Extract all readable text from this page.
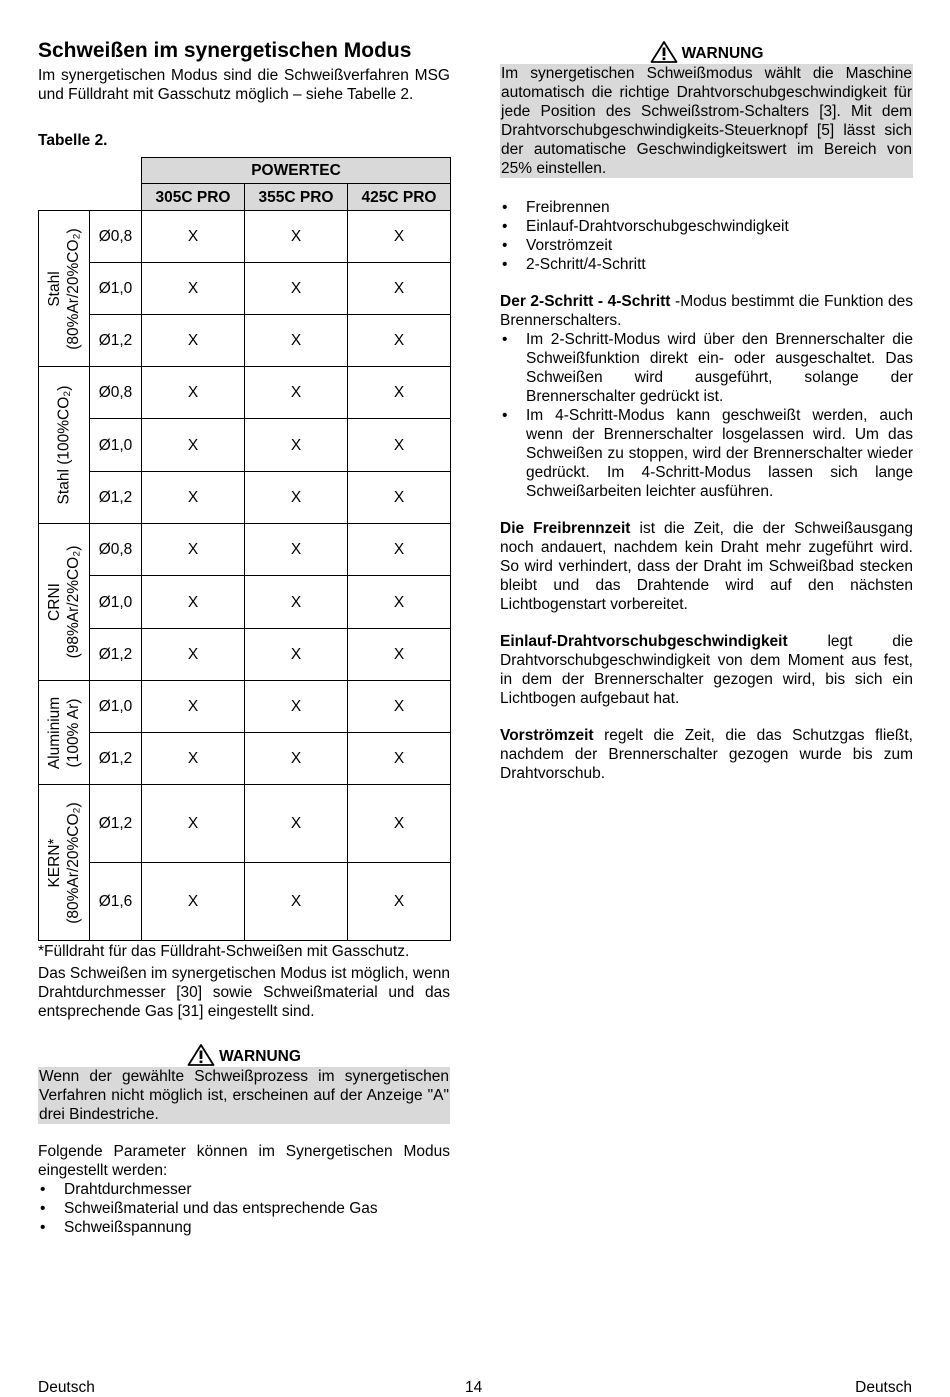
Schweißen im synergetischen Modus

Im synergetischen Modus sind die Schweißverfahren MSG und Fülldraht mit Gasschutz möglich – siehe Tabelle 2.

Tabelle 2.

		POWERTEC		
		305C PRO	355C PRO	425C PRO

Stahl (80%Ar/20%CO₂)	Ø0,8	X	X	X
	Ø1,0	X	X	X
	Ø1,2	X	X	X

Stahl (100%CO₂)	Ø0,8	X	X	X
	Ø1,0	X	X	X
	Ø1,2	X	X	X

CRNI (98%Ar/2%CO₂)	Ø0,8	X	X	X
	Ø1,0	X	X	X
	Ø1,2	X	X	X

Aluminium (100% Ar)	Ø1,0	X	X	X
	Ø1,2	X	X	X

KERN* (80%Ar/20%CO₂)	Ø1,2	X	X	X
	Ø1,6	X	X	X

*Fülldraht für das Fülldraht-Schweißen mit Gasschutz.

Das Schweißen im synergetischen Modus ist möglich, wenn Drahtdurchmesser [30] sowie Schweißmaterial und das entsprechende Gas [31] eingestellt sind.

WARNUNG

Wenn der gewählte Schweißprozess im synergetischen Verfahren nicht möglich ist, erscheinen auf der Anzeige "A" drei Bindestriche.

Folgende Parameter können im Synergetischen Modus eingestellt werden:

• Drahtdurchmesser
• Schweißmaterial und das entsprechende Gas
• Schweißspannung
WARNUNG

Im synergetischen Schweißmodus wählt die Maschine automatisch die richtige Drahtvorschubgeschwindigkeit für jede Position des Schweißstrom-Schalters [3]. Mit dem Drahtvorschubgeschwindigkeits-Steuerknopf [5] lässt sich der automatische Geschwindigkeitswert im Bereich von 25% einstellen.

• Freibrennen
• Einlauf-Drahtvorschubgeschwindigkeit
• Vorströmzeit
• 2-Schritt/4-Schritt

Der 2-Schritt - 4-Schritt -Modus bestimmt die Funktion des Brennerschalters.

• Im 2-Schritt-Modus wird über den Brennerschalter die Schweißfunktion direkt ein- oder ausgeschaltet. Das Schweißen wird ausgeführt, solange der Brennerschalter gedrückt ist.
• Im 4-Schritt-Modus kann geschweißt werden, auch wenn der Brennerschalter losgelassen wird. Um das Schweißen zu stoppen, wird der Brennerschalter wieder gedrückt. Im 4-Schritt-Modus lassen sich lange Schweißarbeiten leichter ausführen.

Die Freibrennzeit ist die Zeit, die der Schweißausgang noch andauert, nachdem kein Draht mehr zugeführt wird. So wird verhindert, dass der Draht im Schweißbad stecken bleibt und das Drahtende wird auf den nächsten Lichtbogenstart vorbereitet.

Einlauf-Drahtvorschubgeschwindigkeit legt die Drahtvorschubgeschwindigkeit von dem Moment aus fest, in dem der Brennerschalter gezogen wird, bis sich ein Lichtbogen aufgebaut hat.

Vorströmzeit regelt die Zeit, die das Schutzgas fließt, nachdem der Brennerschalter gezogen wurde bis zum Drahtvorschub.

Deutsch	14	Deutsch
